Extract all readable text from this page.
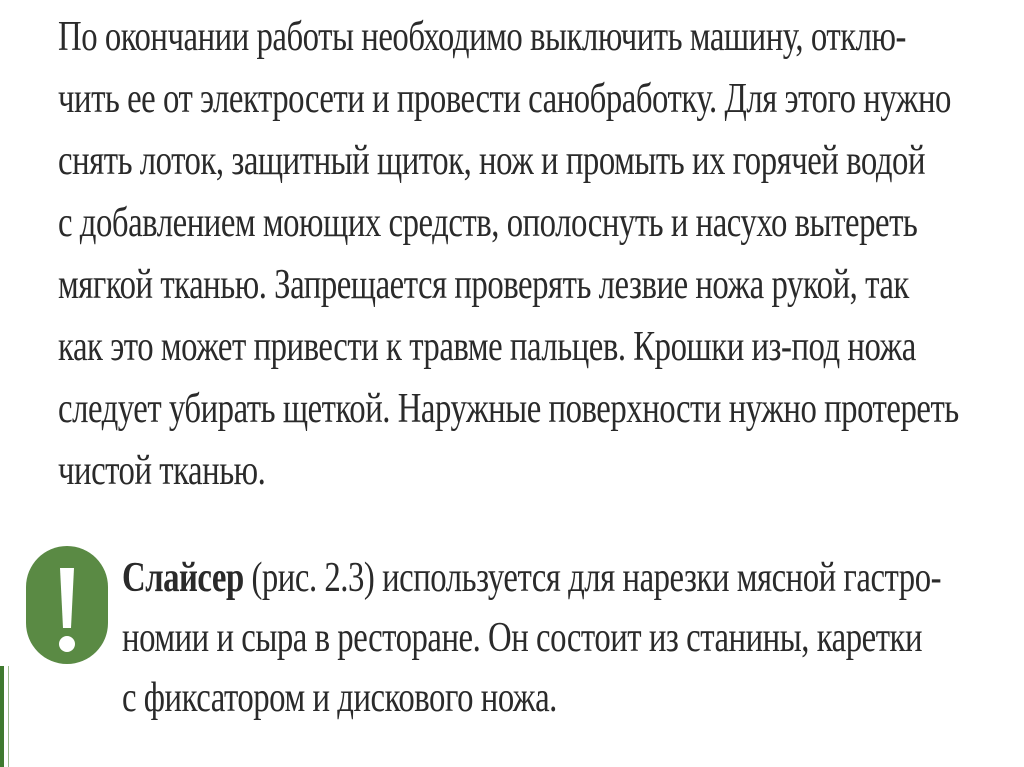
По окончании работы необходимо выключить машину, отклю-
чить ее от электросети и провести санобработку. Для этого нужно
снять лоток, защитный щиток, нож и промыть их горячей водой
с добавлением моющих средств, ополоснуть и насухо вытереть
мягкой тканью. Запрещается проверять лезвие ножа рукой, так
как это может привести к травме пальцев. Крошки из-под ножа
следует убирать щеткой. Наружные поверхности нужно протереть
чистой тканью.
Слайсер (рис. 2.3) используется для нарезки мясной гастро-
номии и сыра в ресторане. Он состоит из станины, каретки
с фиксатором и дискового ножа.
